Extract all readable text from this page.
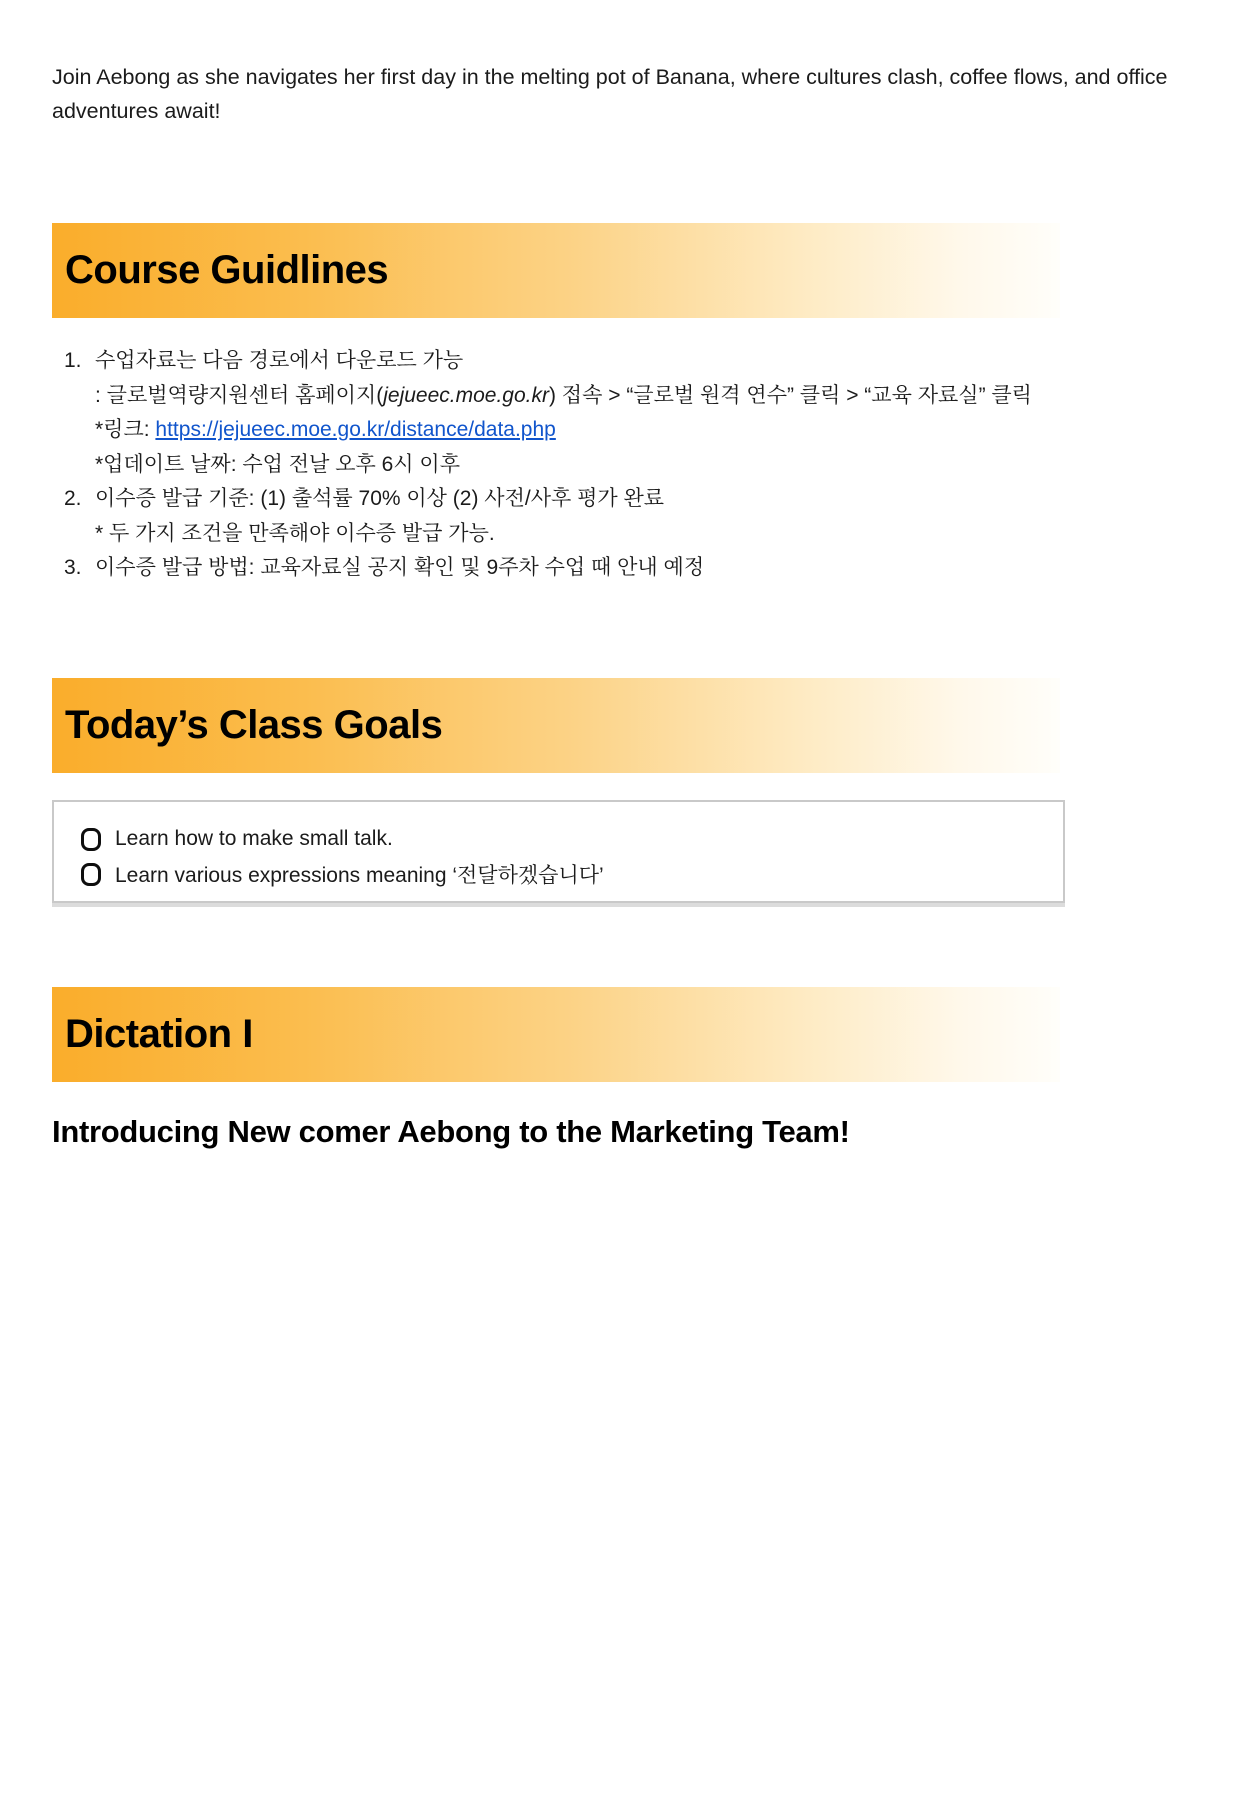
Join Aebong as she navigates her first day in the melting pot of Banana, where cultures clash, coffee flows, and office adventures await!

Course Guidlines
1. 수업자료는 다음 경로에서 다운로드 가능
: 글로벌역량지원센터 홈페이지(jejueec.moe.go.kr) 접속 > “글로벌 원격 연수” 클릭 > “교육 자료실” 클릭
*링크: https://jejueec.moe.go.kr/distance/data.php
*업데이트 날짜: 수업 전날 오후 6시 이후
2. 이수증 발급 기준: (1) 출석률 70% 이상 (2) 사전/사후 평가 완료
* 두 가지 조건을 만족해야 이수증 발급 가능.
3. 이수증 발급 방법: 교육자료실 공지 확인 및 9주차 수업 때 안내 예정
Today’s Class Goals
Learn how to make small talk.
Learn various expressions meaning ‘전달하겠습니다’
Dictation I
Introducing New comer Aebong to the Marketing Team!
